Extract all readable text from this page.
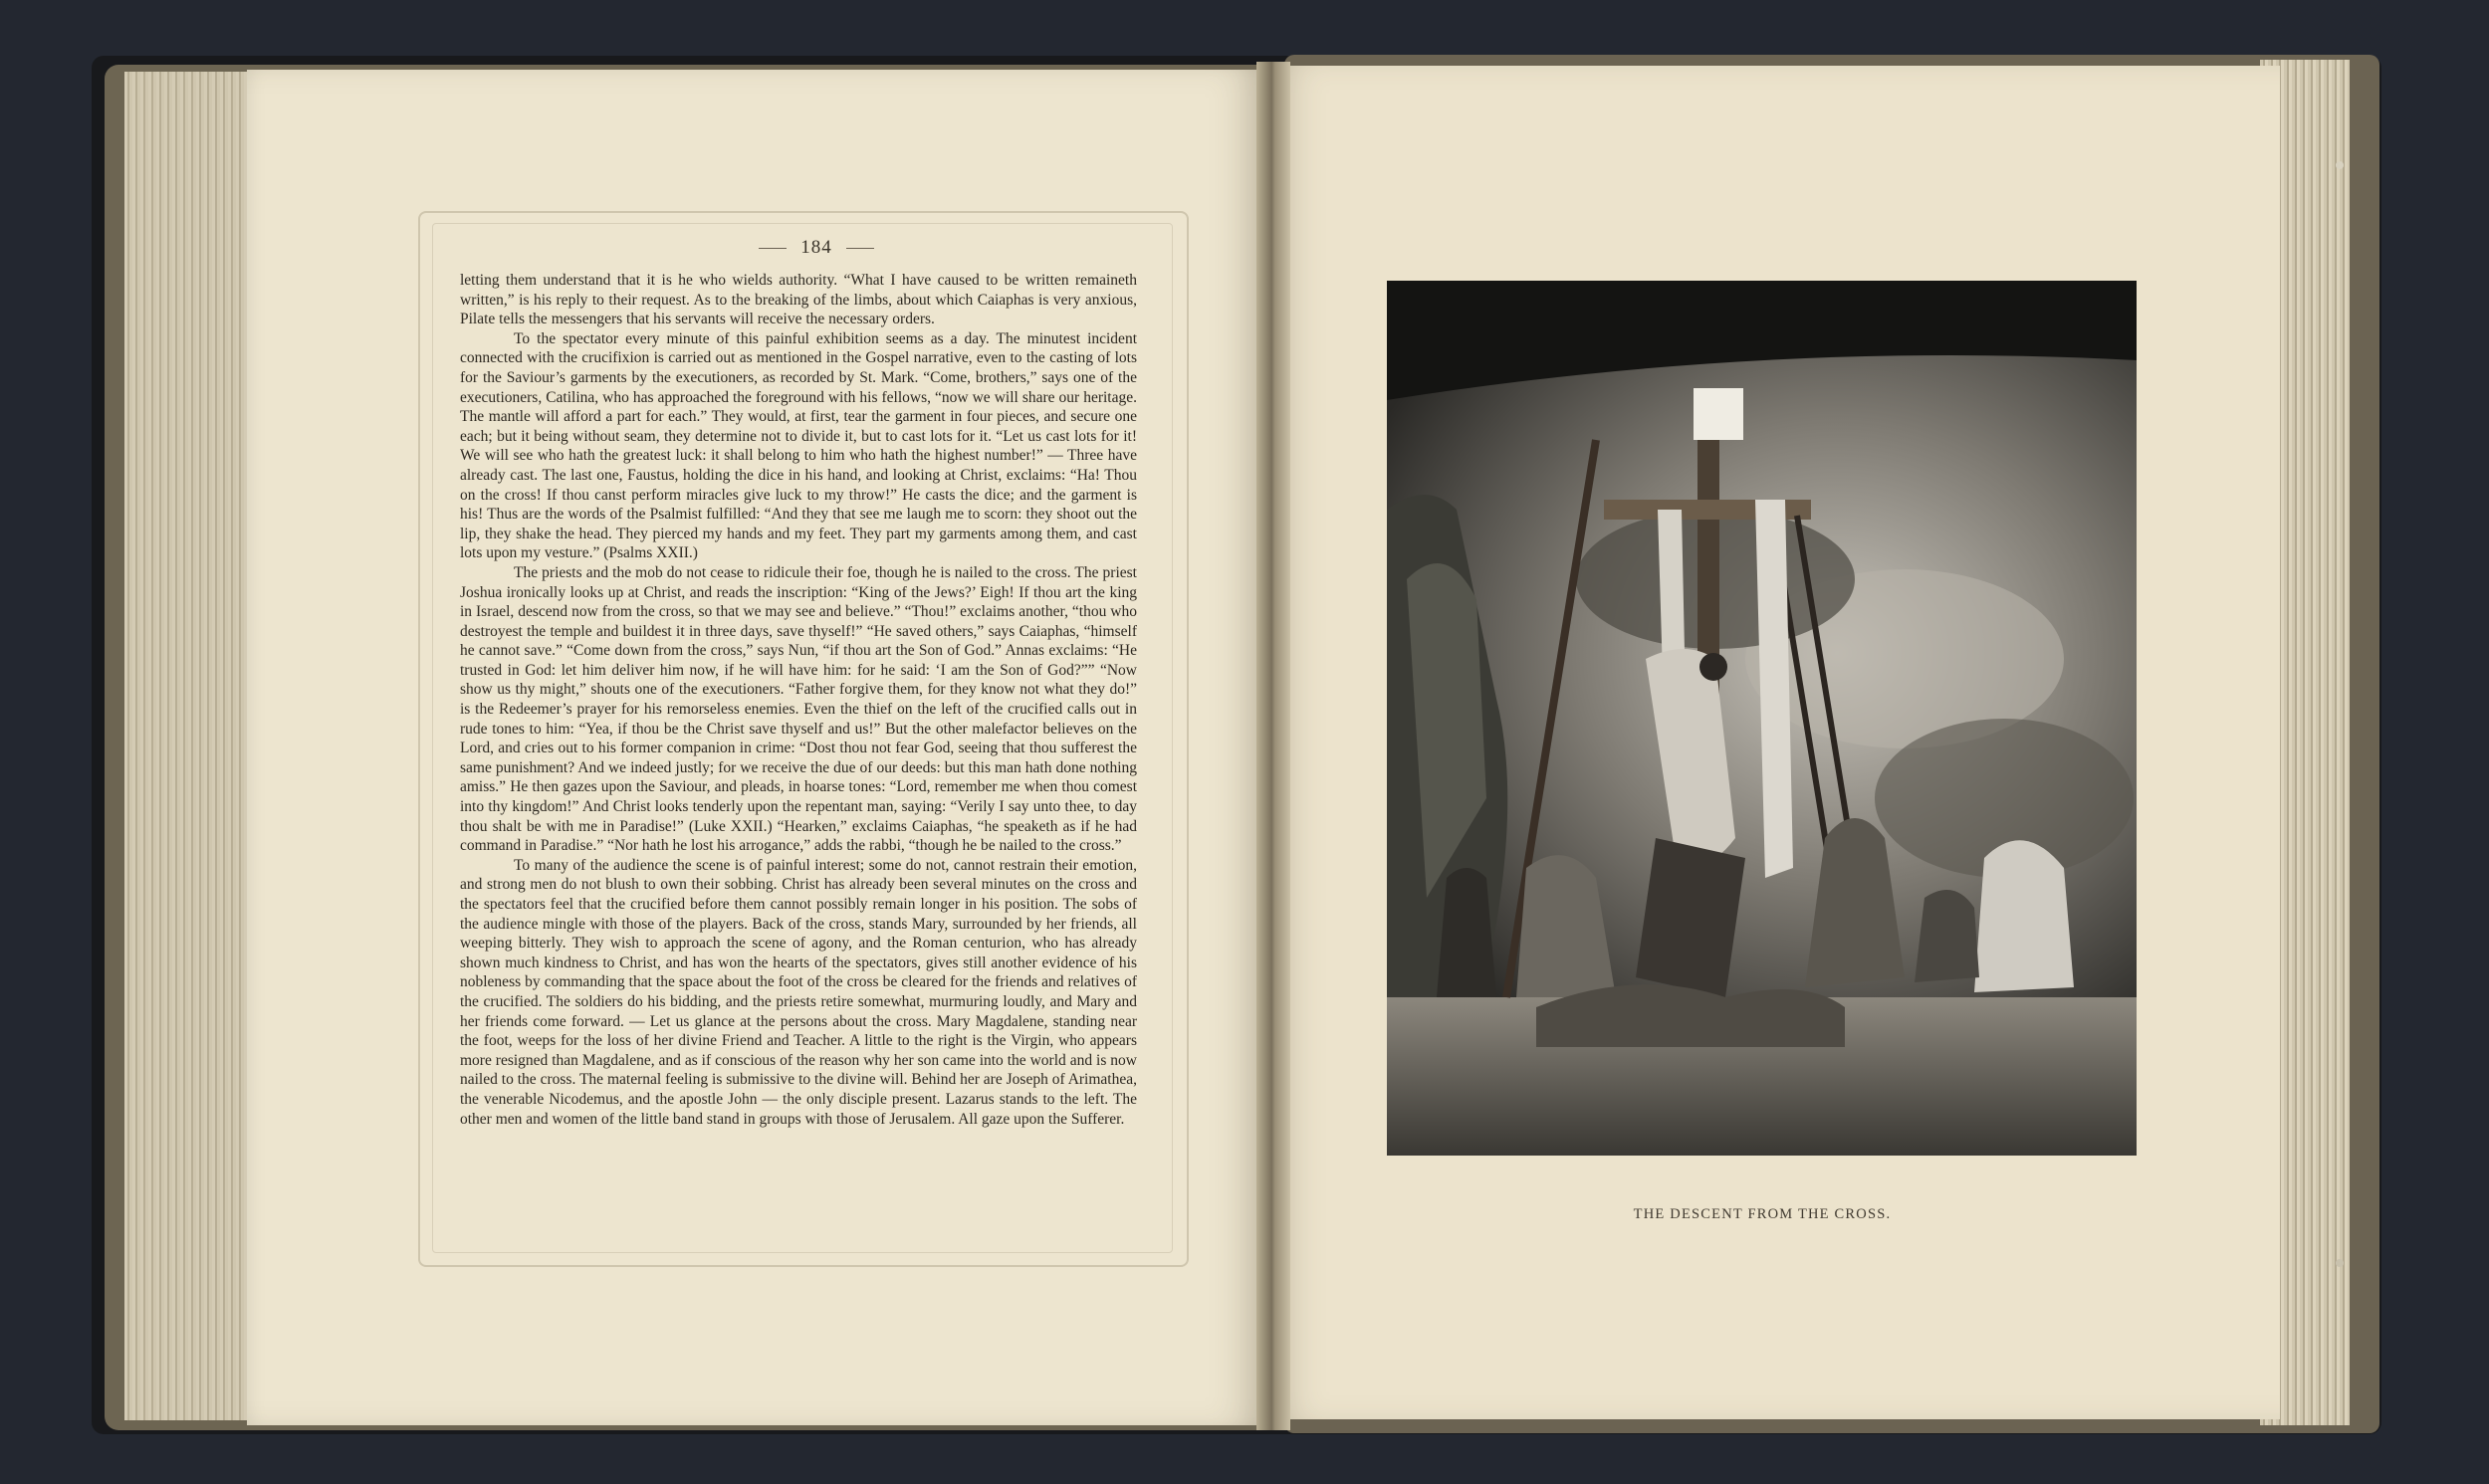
184

letting them understand that it is he who wields authority. “What I have caused to be written remaineth written,” is his reply to their request. As to the breaking of the limbs, about which Caiaphas is very anxious, Pilate tells the messengers that his servants will receive the necessary orders.

To the spectator every minute of this painful exhibition seems as a day. The minutest incident connected with the crucifixion is carried out as mentioned in the Gospel narrative, even to the casting of lots for the Saviour’s garments by the executioners, as recorded by St. Mark. “Come, brothers,” says one of the executioners, Catilina, who has approached the foreground with his fellows, “now we will share our heritage. The mantle will afford a part for each.” They would, at first, tear the garment in four pieces, and secure one each; but it being without seam, they determine not to divide it, but to cast lots for it. “Let us cast lots for it! We will see who hath the greatest luck: it shall belong to him who hath the highest number!” — Three have already cast. The last one, Faustus, holding the dice in his hand, and looking at Christ, exclaims: “Ha! Thou on the cross! If thou canst perform miracles give luck to my throw!” He casts the dice; and the garment is his! Thus are the words of the Psalmist fulfilled: “And they that see me laugh me to scorn: they shoot out the lip, they shake the head. They pierced my hands and my feet. They part my garments among them, and cast lots upon my vesture.” (Psalms XXII.)

The priests and the mob do not cease to ridicule their foe, though he is nailed to the cross. The priest Joshua ironically looks up at Christ, and reads the inscription: “King of the Jews?’ Eigh! If thou art the king in Israel, descend now from the cross, so that we may see and believe.” “Thou!” exclaims another, “thou who destroyest the temple and buildest it in three days, save thyself!” “He saved others,” says Caiaphas, “himself he cannot save.” “Come down from the cross,” says Nun, “if thou art the Son of God.” Annas exclaims: “He trusted in God: let him deliver him now, if he will have him: for he said: ‘I am the Son of God?”” “Now show us thy might,” shouts one of the executioners. “Father forgive them, for they know not what they do!” is the Redeemer’s prayer for his remorseless enemies. Even the thief on the left of the crucified calls out in rude tones to him: “Yea, if thou be the Christ save thyself and us!” But the other malefactor believes on the Lord, and cries out to his former companion in crime: “Dost thou not fear God, seeing that thou sufferest the same punishment? And we indeed justly; for we receive the due of our deeds: but this man hath done nothing amiss.” He then gazes upon the Saviour, and pleads, in hoarse tones: “Lord, remember me when thou comest into thy kingdom!” And Christ looks tenderly upon the repentant man, saying: “Verily I say unto thee, to day thou shalt be with me in Paradise!” (Luke XXII.) “Hearken,” exclaims Caiaphas, “he speaketh as if he had command in Paradise.” “Nor hath he lost his arrogance,” adds the rabbi, “though he be nailed to the cross.”

To many of the audience the scene is of painful interest; some do not, cannot restrain their emotion, and strong men do not blush to own their sobbing. Christ has already been several minutes on the cross and the spectators feel that the crucified before them cannot possibly remain longer in his position. The sobs of the audience mingle with those of the players. Back of the cross, stands Mary, surrounded by her friends, all weeping bitterly. They wish to approach the scene of agony, and the Roman centurion, who has already shown much kindness to Christ, and has won the hearts of the spectators, gives still another evidence of his nobleness by commanding that the space about the foot of the cross be cleared for the friends and relatives of the crucified. The soldiers do his bidding, and the priests retire somewhat, murmuring loudly, and Mary and her friends come forward. — Let us glance at the persons about the cross. Mary Magdalene, standing near the foot, weeps for the loss of her divine Friend and Teacher. A little to the right is the Virgin, who appears more resigned than Magdalene, and as if conscious of the reason why her son came into the world and is now nailed to the cross. The maternal feeling is submissive to the divine will. Behind her are Joseph of Arimathea, the venerable Nicodemus, and the apostle John — the only disciple present. Lazarus stands to the left. The other men and women of the little band stand in groups with those of Jerusalem. All gaze upon the Sufferer.

THE DESCENT FROM THE CROSS.
